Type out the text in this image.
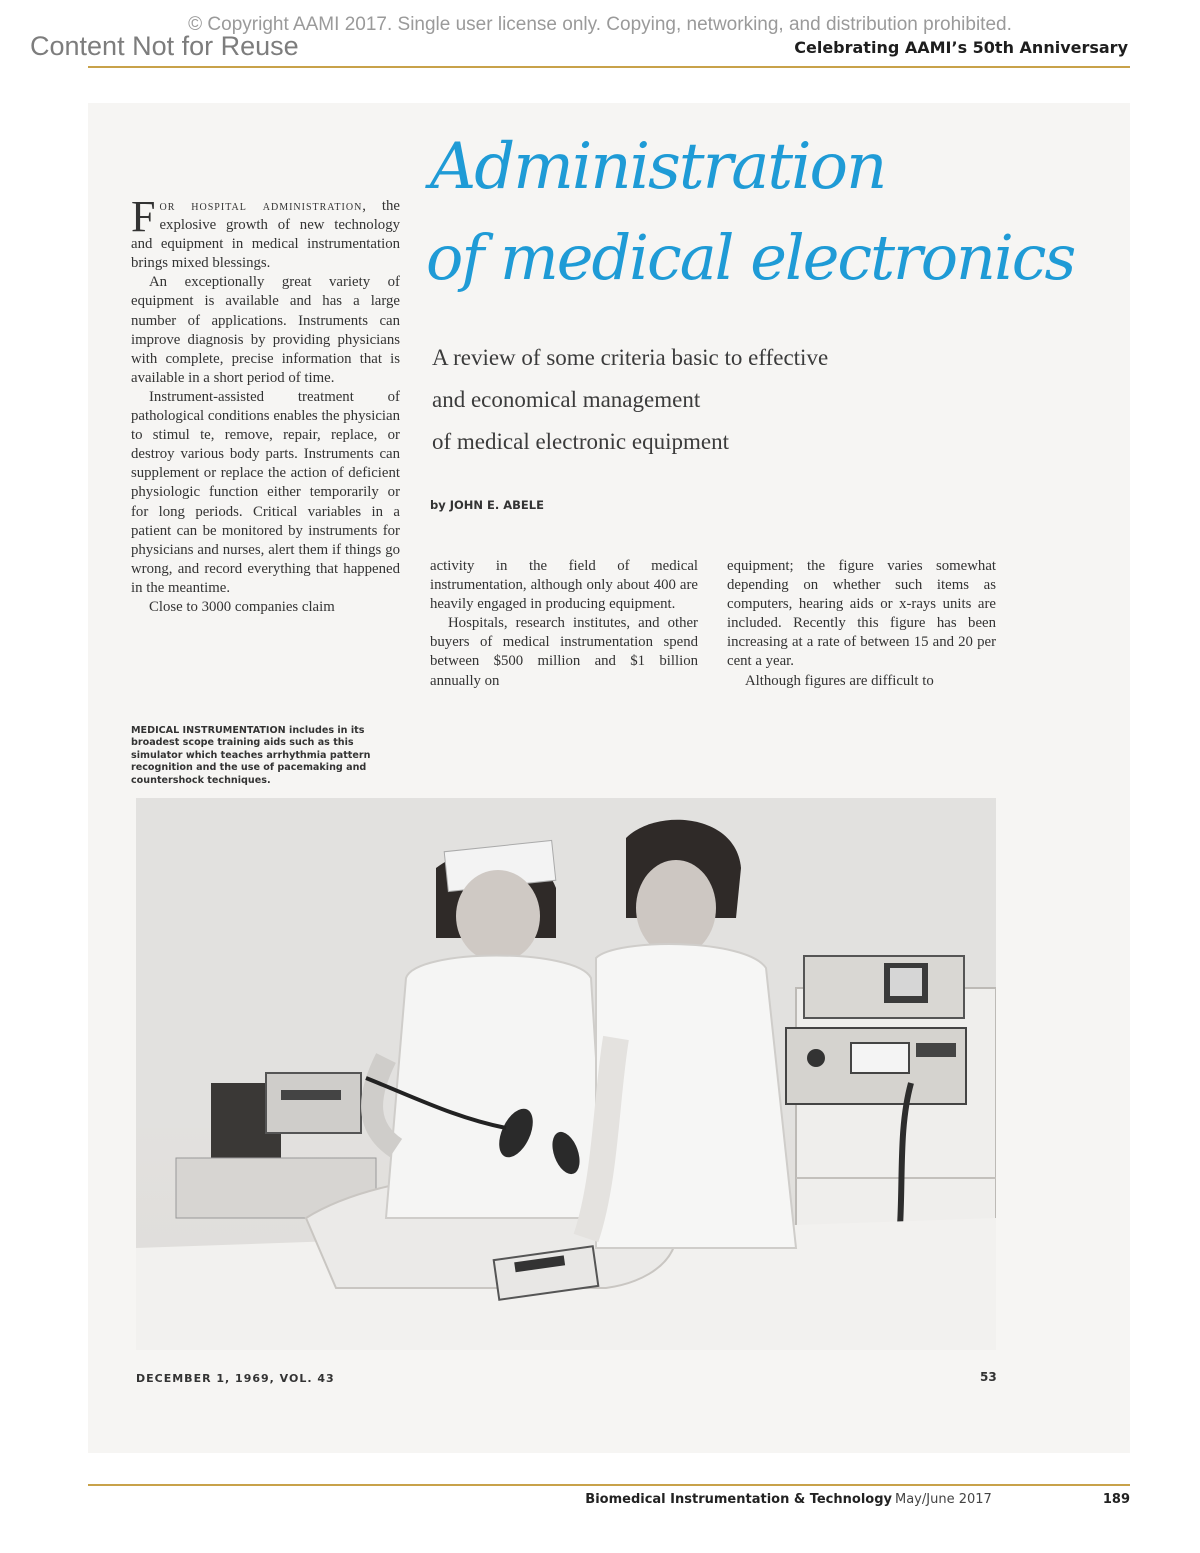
© Copyright AAMI 2017. Single user license only. Copying, networking, and distribution prohibited.
Content Not for Reuse	Celebrating AAMI’s 50th Anniversary
Administration
of medical electronics
A review of some criteria basic to effective
and economical management
of medical electronic equipment
by JOHN E. ABELE

For hospital administration, the explosive growth of new technology and equipment in medical instrumentation brings mixed blessings.

An exceptionally great variety of equipment is available and has a large number of applications. Instruments can improve diagnosis by providing physicians with complete, precise information that is available in a short period of time.

Instrument-assisted treatment of pathological conditions enables the physician to stimul te, remove, repair, replace, or destroy various body parts. Instruments can supplement or replace the action of deficient physiologic function either temporarily or for long periods. Critical variables in a patient can be monitored by instruments for physicians and nurses, alert them if things go wrong, and record everything that happened in the meantime.

Close to 3000 companies claim

MEDICAL INSTRUMENTATION includes in its broadest scope training aids such as this simulator which teaches arrhythmia pattern recognition and the use of pacemaking and countershock techniques.

activity in the field of medical instrumentation, although only about 400 are heavily engaged in producing equipment.

Hospitals, research institutes, and other buyers of medical instrumentation spend between $500 million and $1 billion annually on

equipment; the figure varies somewhat depending on whether such items as computers, hearing aids or x-rays units are included. Recently this figure has been increasing at a rate of between 15 and 20 per cent a year.

Although figures are difficult to

DECEMBER 1, 1969, VOL. 43	53
Biomedical Instrumentation & Technology May/June 2017	189
